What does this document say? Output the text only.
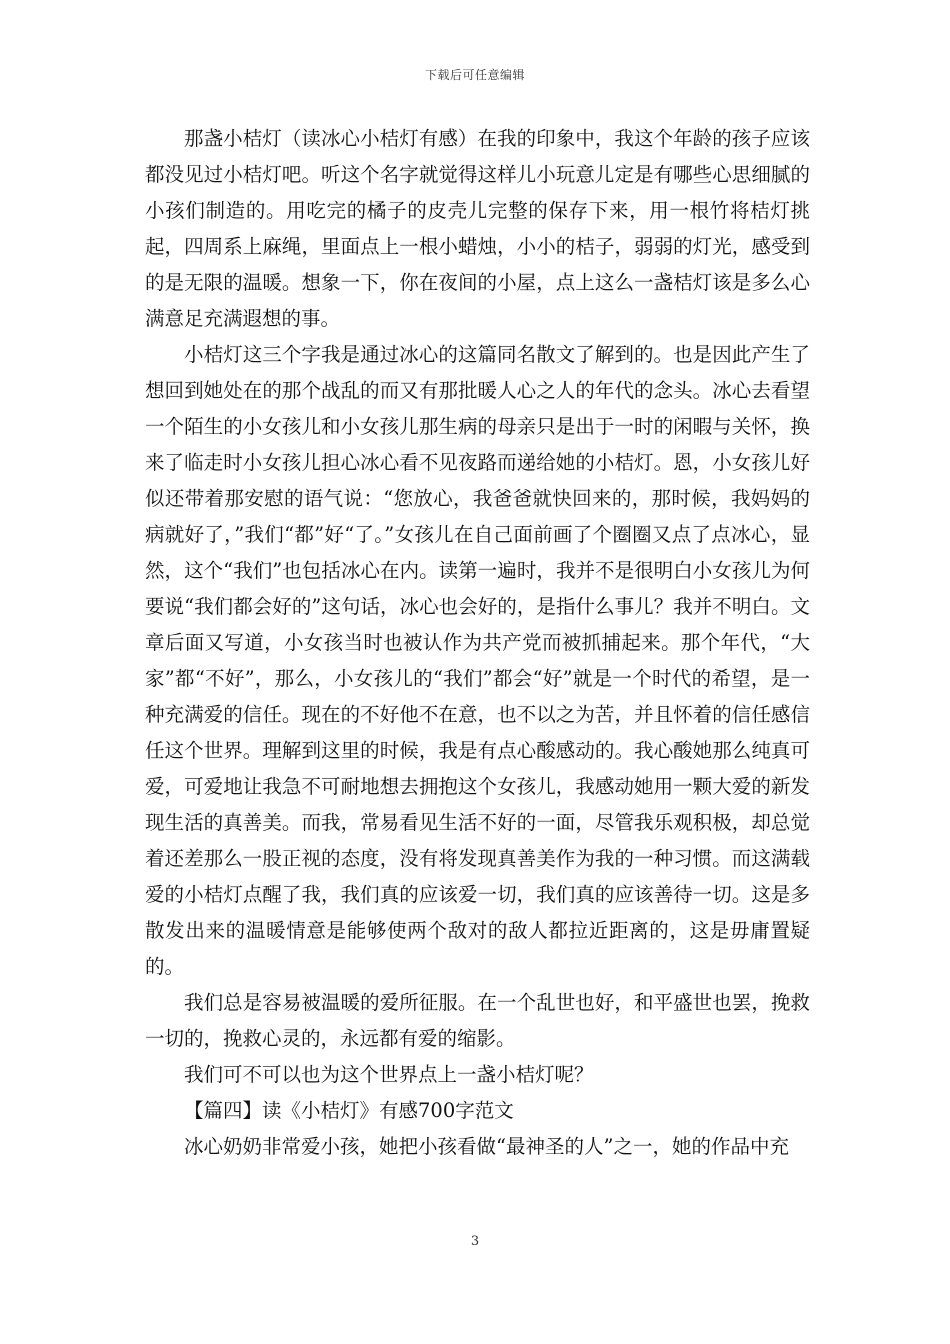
下载后可任意编辑

那盏小桔灯（读冰心小桔灯有感）在我的印象中，我这个年龄的孩子应该都没见过小桔灯吧。听这个名字就觉得这样儿小玩意儿定是有哪些心思细腻的小孩们制造的。用吃完的橘子的皮壳儿完整的保存下来，用一根竹将桔灯挑起，四周系上麻绳，里面点上一根小蜡烛，小小的桔子，弱弱的灯光，感受到的是无限的温暖。想象一下，你在夜间的小屋，点上这么一盏桔灯该是多么心满意足充满遐想的事。

小桔灯这三个字我是通过冰心的这篇同名散文了解到的。也是因此产生了想回到她处在的那个战乱的而又有那批暖人心之人的年代的念头。冰心去看望一个陌生的小女孩儿和小女孩儿那生病的母亲只是出于一时的闲暇与关怀，换来了临走时小女孩儿担心冰心看不见夜路而递给她的小桔灯。恩，小女孩儿好似还带着那安慰的语气说：“您放心，我爸爸就快回来的，那时候，我妈妈的病就好了，”我们“都”好“了。”女孩儿在自己面前画了个圈圈又点了点冰心，显然，这个“我们”也包括冰心在内。读第一遍时，我并不是很明白小女孩儿为何要说“我们都会好的”这句话，冰心也会好的，是指什么事儿？我并不明白。文章后面又写道，小女孩当时也被认作为共产党而被抓捕起来。那个年代，“大家”都“不好”，那么，小女孩儿的“我们”都会“好”就是一个时代的希望，是一种充满爱的信任。现在的不好他不在意，也不以之为苦，并且怀着的信任感信任这个世界。理解到这里的时候，我是有点心酸感动的。我心酸她那么纯真可爱，可爱地让我急不可耐地想去拥抱这个女孩儿，我感动她用一颗大爱的新发现生活的真善美。而我，常易看见生活不好的一面，尽管我乐观积极，却总觉着还差那么一股正视的态度，没有将发现真善美作为我的一种习惯。而这满载爱的小桔灯点醒了我，我们真的应该爱一切，我们真的应该善待一切。这是多散发出来的温暖情意是能够使两个敌对的敌人都拉近距离的，这是毋庸置疑的。

我们总是容易被温暖的爱所征服。在一个乱世也好，和平盛世也罢，挽救一切的，挽救心灵的，永远都有爱的缩影。

我们可不可以也为这个世界点上一盏小桔灯呢？

【篇四】读《小桔灯》有感700字范文

冰心奶奶非常爱小孩，她把小孩看做“最神圣的人”之一，她的作品中充

3
